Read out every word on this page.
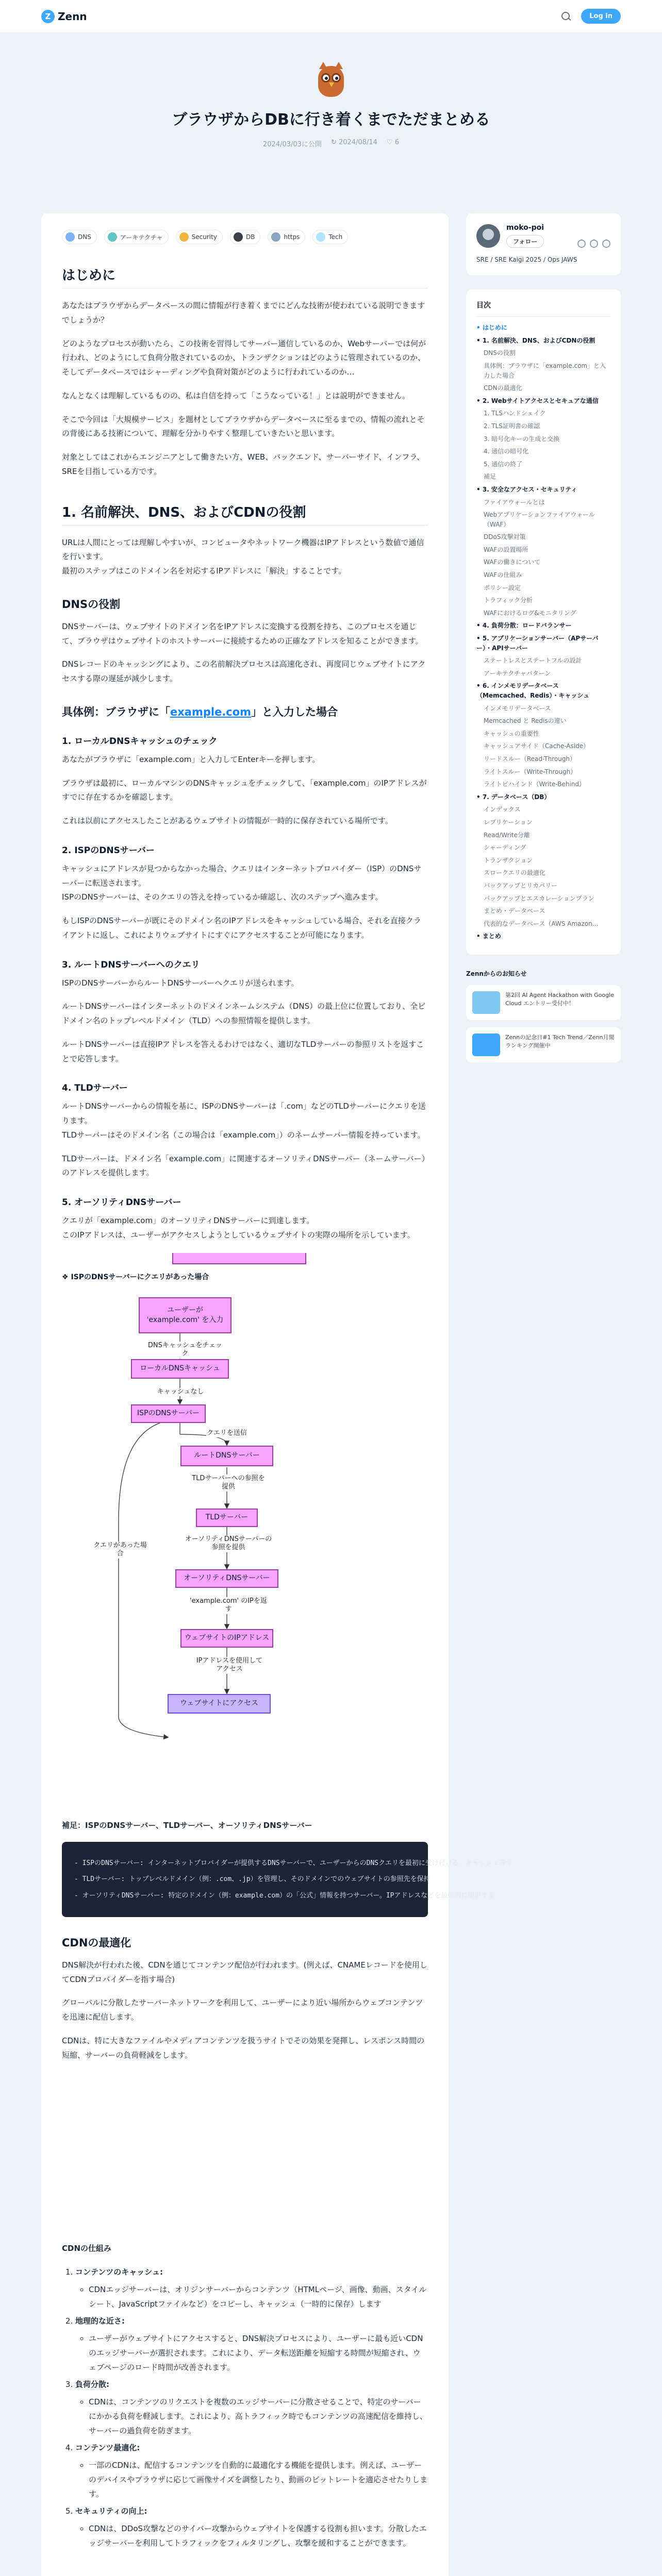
Z Zenn	Log in
ブラウザからDBに行き着くまでただまとめる
2024/03/03に公開 ↻ 2024/08/14 ♡ 6
DNS	アーキテクチャ	Security	DB	https	Tech
はじめに

あなたはブラウザからデータベースの間に情報が行き着くまでにどんな技術が使われている説明できますでしょうか？

どのようなプロセスが動いたら、この技術を習得してサーバー通信しているのか、Webサーバーでは何が行われ、どのようにして負荷分散されているのか、トランザクションはどのように管理されているのか、そしてデータベースではシャーディングや負荷対策がどのように行われているのか…

なんとなくは理解しているものの、私は自信を持って「こうなっている！」とは説明ができません。

そこで今回は「大規模サービス」を題材としてブラウザからデータベースに至るまでの、情報の流れとその背後にある技術について、理解を分かりやすく整理していきたいと思います。

対象としてはこれからエンジニアとして働きたい方、WEB、バックエンド、サーバーサイド、インフラ、SREを目指している方です。

1. 名前解決、DNS、およびCDNの役割

URLは人間にとっては理解しやすいが、コンピュータやネットワーク機器はIPアドレスという数値で通信を行います。
最初のステップはこのドメイン名を対応するIPアドレスに「解決」することです。

DNSの役割

DNSサーバーは、ウェブサイトのドメイン名をIPアドレスに変換する役割を持ち、このプロセスを通じて、ブラウザはウェブサイトのホストサーバーに接続するための正確なアドレスを知ることができます。

DNSレコードのキャッシングにより、この名前解決プロセスは高速化され、再度同じウェブサイトにアクセスする際の遅延が減少します。

具体例：ブラウザに「example.com」と入力した場合
1. ローカルDNSキャッシュのチェック

あなたがブラウザに「example.com」と入力してEnterキーを押します。

ブラウザは最初に、ローカルマシンのDNSキャッシュをチェックして、「example.com」のIPアドレスがすでに存在するかを確認します。

これは以前にアクセスしたことがあるウェブサイトの情報が一時的に保存されている場所です。

2. ISPのDNSサーバー

キャッシュにアドレスが見つからなかった場合、クエリはインターネットプロバイダー（ISP）のDNSサーバーに転送されます。
ISPのDNSサーバーは、そのクエリの答えを持っているか確認し、次のステップへ進みます。

もしISPのDNSサーバーが既にそのドメイン名のIPアドレスをキャッシュしている場合、それを直接クライアントに返し、これによりウェブサイトにすぐにアクセスすることが可能になります。

3. ルートDNSサーバーへのクエリ

ISPのDNSサーバーからルートDNSサーバーへクエリが送られます。

ルートDNSサーバーはインターネットのドメインネームシステム（DNS）の最上位に位置しており、全ビドメイン名のトップレベルドメイン（TLD）への参照情報を提供します。

ルートDNSサーバーは直接IPアドレスを答えるわけではなく、適切なTLDサーバーの参照リストを返すことで応答します。

4. TLDサーバー

ルートDNSサーバーからの情報を基に、ISPのDNSサーバーは「.com」などのTLDサーバーにクエリを送ります。
TLDサーバーはそのドメイン名（この場合は「example.com」）のネームサーバー情報を持っています。

TLDサーバーは、ドメイン名「example.com」に関連するオーソリティDNSサーバー（ネームサーバー）のアドレスを提供します。

5. オーソリティDNSサーバー

クエリが「example.com」のオーソリティDNSサーバーに到達します。
このIPアドレスは、ユーザーがアクセスしようとしているウェブサイトの実際の場所を示しています。

❖ ISPのDNSサーバーにクエリがあった場合
ユーザーが 'example.com' を入力
DNSキャッシュをチェック
ローカルDNSキャッシュ
キャッシュなし
ISPのDNSサーバー
クエリを送信
ルートDNSサーバー
TLDサーバーへの参照を提供
TLDサーバー
オーソリティDNSサーバーの参照を提供
クエリがあった場合
オーソリティDNSサーバー
'example.com' のIPを返す
ウェブサイトのIPアドレス
IPアドレスを使用してアクセス
ウェブサイトにアクセス

補足：ISPのDNSサーバー、TLDサーバー、オーソリティDNSサーバー

- ISPのDNSサーバー: インターネットプロバイダーが提供するDNSサーバーで、ユーザーからのDNSクエリを最初に受け付ける。キャッシュ等で
- TLDサーバー: トップレベルドメイン（例：.com、.jp）を管理し、そのドメインでのウェブサイトの参照先を保持
- オーソリティDNSサーバー: 特定のドメイン（例：example.com）の「公式」情報を持つサーバー。IPアドレスなどを最終的に提供する
CDNの最適化

DNS解決が行われた後、CDNを通じてコンテンツ配信が行われます。(例えば、CNAMEレコードを使用してCDNプロバイダーを指す場合)

グローバルに分散したサーバーネットワークを利用して、ユーザーにより近い場所からウェブコンテンツを迅速に配信します。

CDNは、特に大きなファイルやメディアコンテンツを扱うサイトでその効果を発揮し、レスポンス時間の短縮、サーバーの負荷軽減をします。

CDNの仕組み

1. コンテンツのキャッシュ:
◦ CDNエッジサーバーは、オリジンサーバーからコンテンツ（HTMLページ、画像、動画、スタイルシート、JavaScriptファイルなど）をコピーし、キャッシュ（一時的に保存）します
2. 地理的な近さ:
◦ ユーザーがウェブサイトにアクセスすると、DNS解決プロセスにより、ユーザーに最も近いCDNのエッジサーバーが選択されます。これにより、データ転送距離を短縮する時間が短縮され、ウェブページのロード時間が改善されます。
3. 負荷分散:
◦ CDNは、コンテンツのリクエストを複数のエッジサーバーに分散させることで、特定のサーバーにかかる負荷を軽減します。これにより、高トラフィック時でもコンテンツの高速配信を維持し、サーバーの過負荷を防ぎます。
4. コンテンツ最適化:
◦ 一部のCDNは、配信するコンテンツを自動的に最適化する機能を提供します。例えば、ユーザーのデバイスやブラウザに応じて画像サイズを調整したり、動画のビットレートを適応させたりします。
5. セキュリティの向上:
◦ CDNは、DDoS攻撃などのサイバー攻撃からウェブサイトを保護する役割も担います。分散したエッジサーバーを利用してトラフィックをフィルタリングし、攻撃を緩和することができます。

moko-poi
フォロー
SRE / SRE Kaigi 2025 / Ops JAWS
目次
• はじめに
• 1. 名前解決、DNS、およびCDNの役割
DNSの役割
具体例：ブラウザに「example.com」と入力した場合
CDNの最適化
• 2. Webサイトアクセスとセキュアな通信
1. TLSハンドシェイク
2. TLS証明書の確認
3. 暗号化キーの生成と交換
4. 通信の暗号化
5. 通信の終了
補足
• 3. 安全なアクセス・セキュリティ
ファイアウォールとは
Webアプリケーションファイアウォール（WAF）
DDoS攻撃対策
WAFの設置場所
WAFの働きについて
WAFの仕組み
ポリシー設定
トラフィック分析
WAFにおけるログ&モニタリング
• 4. 負荷分散：ロードバランサー
• 5. アプリケーションサーバー（APサーバー）・APIサーバー
ステートレスとステートフルの設計
アーキテクチャパターン
• 6. インメモリデータベース（Memcached、Redis）・キャッシュ
インメモリデータベース
Memcached と Redisの違い
キャッシュの重要性
キャッシュアサイド（Cache-Aside）
リードスルー（Read-Through）
ライトスルー（Write-Through）
ライトビハインド（Write-Behind）
• 7. データベース（DB）
インデックス
レプリケーション
Read/Write分離
シャーディング
トランザクション
スロークエリの最適化
バックアップとリカバリー
バックアップとエスカレーションプラン
まとめ・データベース
代表的なデータベース（AWS Amazon...
• まとめ
Zennからのお知らせ
第2回 AI Agent Hackathon with Google Cloud エントリー受付中！
Zennの記念日#1 Tech Trend／Zenn月間ランキング開催中
